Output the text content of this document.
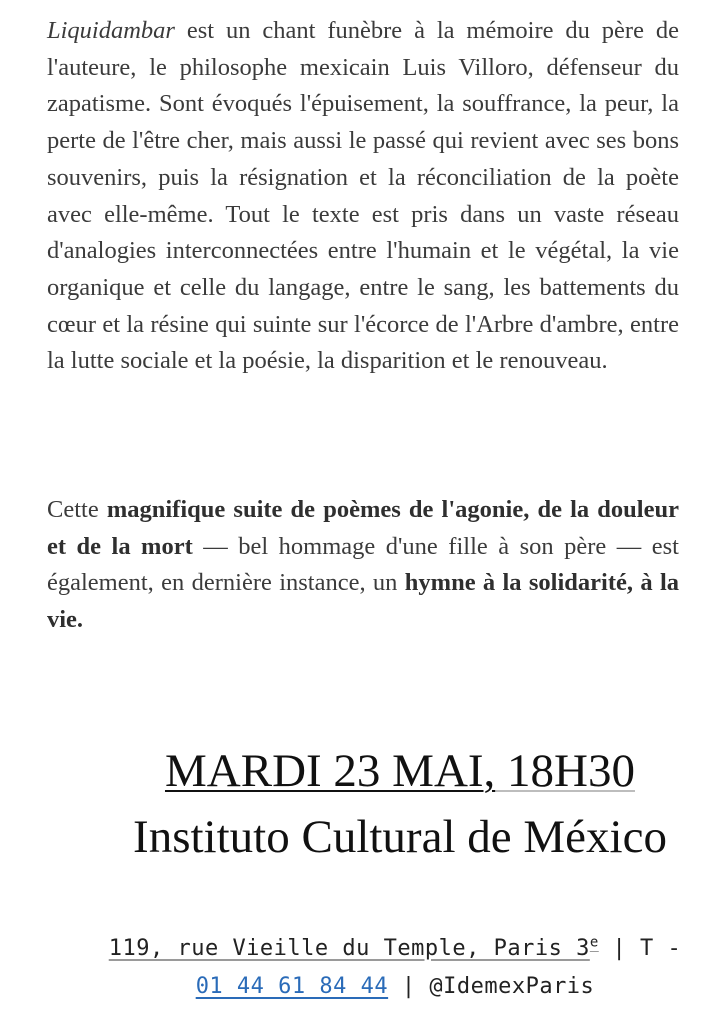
Liquidambar est un chant funèbre à la mémoire du père de l'auteure, le philosophe mexicain Luis Villoro, défenseur du zapatisme. Sont évoqués l'épuisement, la souffrance, la peur, la perte de l'être cher, mais aussi le passé qui revient avec ses bons souvenirs, puis la résignation et la réconciliation de la poète avec elle-même. Tout le texte est pris dans un vaste réseau d'analogies interconnectées entre l'humain et le végétal, la vie organique et celle du langage, entre le sang, les battements du cœur et la résine qui suinte sur l'écorce de l'Arbre d'ambre, entre la lutte sociale et la poésie, la disparition et le renouveau.

Cette magnifique suite de poèmes de l'agonie, de la douleur et de la mort — bel hommage d'une fille à son père — est également, en dernière instance, un hymne à la solidarité, à la vie.

MARDI 23 MAI, 18H30

Instituto Cultural de México

119, rue Vieille du Temple, Paris 3e | T - 01 44 61 84 44 | @IdemexParis
